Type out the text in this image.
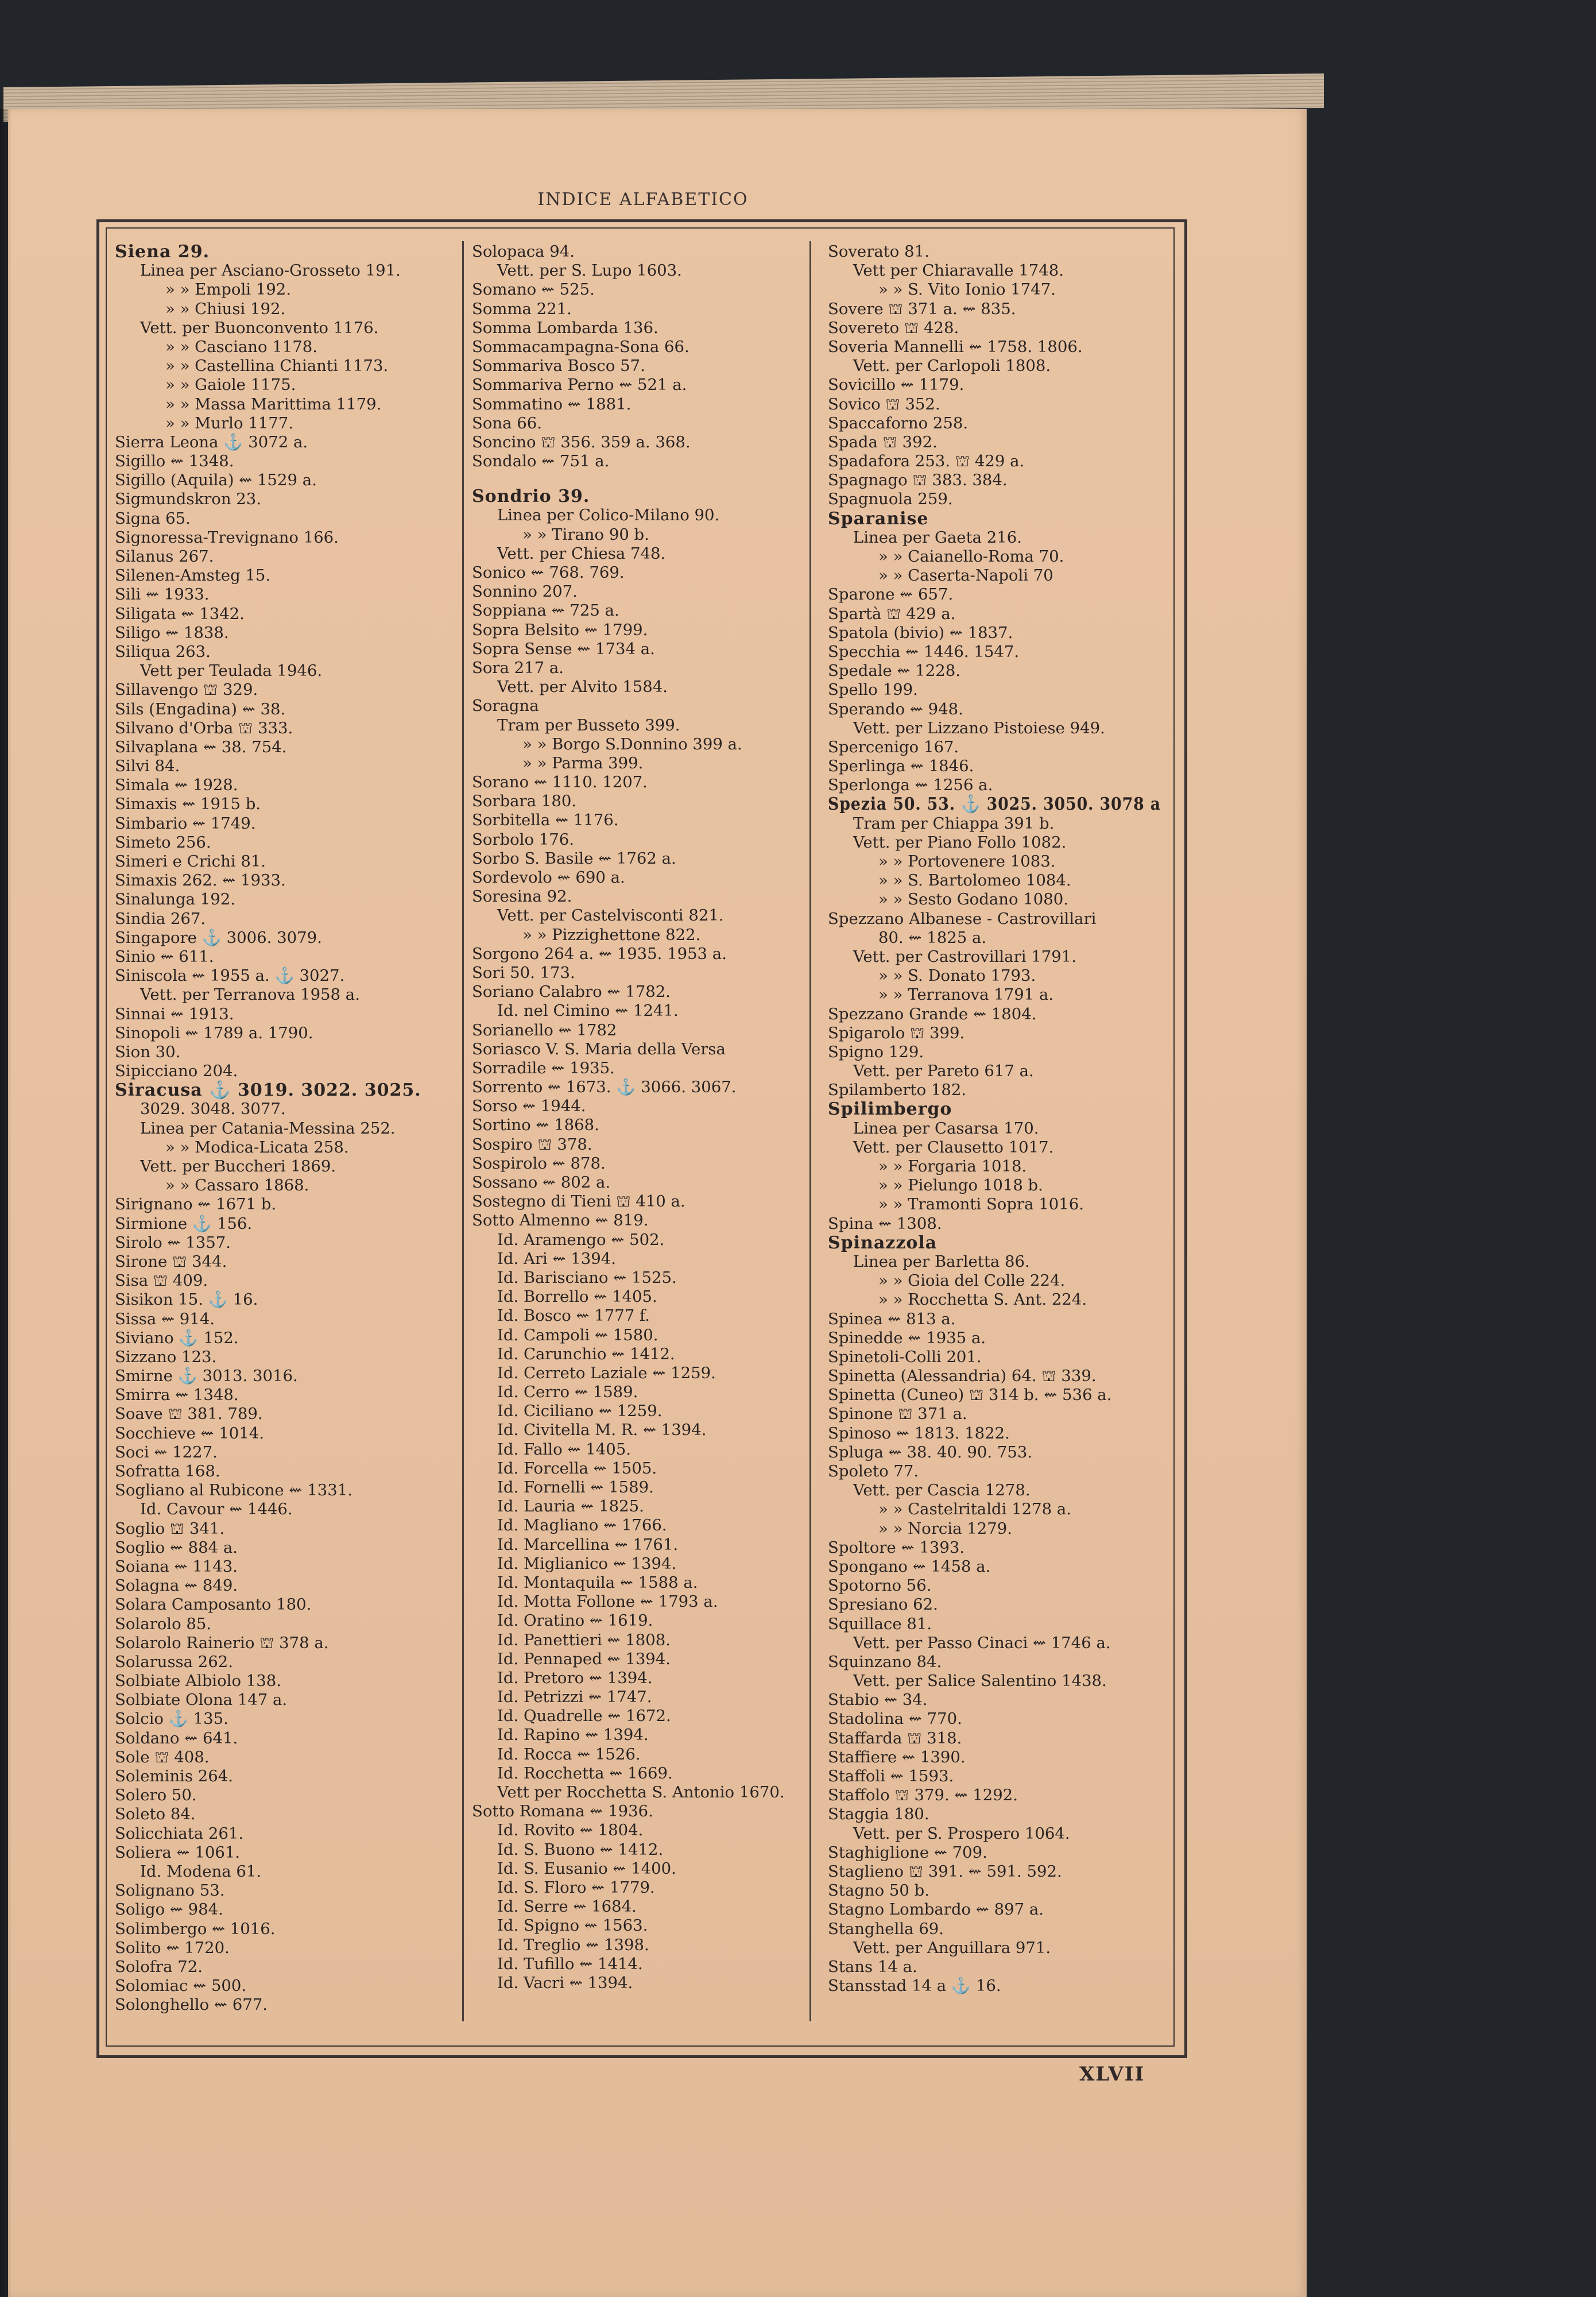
INDICE ALFABETICO
Siena 29.
Linea per Asciano-Grosseto 191.
» » Empoli 192.
» » Chiusi 192.
Vett. per Buonconvento 1176.
» » Casciano 1178.
» » Castellina Chianti 1173.
» » Gaiole 1175.
» » Massa Marittima 1179.
» » Murlo 1177.
Sierra Leona ⚓ 3072 a.
Sigillo ⇜ 1348.
Sigillo (Aquila) ⇜ 1529 a.
Sigmundskron 23.
Signa 65.
Signoressa-Trevignano 166.
Silanus 267.
Silenen-Amsteg 15.
Sili ⇜ 1933.
Siligata ⇜ 1342.
Siligo ⇜ 1838.
Siliqua 263.
Vett per Teulada 1946.
Sillavengo ⛫ 329.
Sils (Engadina) ⇜ 38.
Silvano d'Orba ⛫ 333.
Silvaplana ⇜ 38. 754.
Silvi 84.
Simala ⇜ 1928.
Simaxis ⇜ 1915 b.
Simbario ⇜ 1749.
Simeto 256.
Simeri e Crichi 81.
Simaxis 262. ⇜ 1933.
Sinalunga 192.
Sindia 267.
Singapore ⚓ 3006. 3079.
Sinio ⇜ 611.
Siniscola ⇜ 1955 a. ⚓ 3027.
Vett. per Terranova 1958 a.
Sinnai ⇜ 1913.
Sinopoli ⇜ 1789 a. 1790.
Sion 30.
Sipicciano 204.
Siracusa ⚓ 3019. 3022. 3025.
3029. 3048. 3077.
Linea per Catania-Messina 252.
» » Modica-Licata 258.
Vett. per Buccheri 1869.
» » Cassaro 1868.
Sirignano ⇜ 1671 b.
Sirmione ⚓ 156.
Sirolo ⇜ 1357.
Sirone ⛫ 344.
Sisa ⛫ 409.
Sisikon 15. ⚓ 16.
Sissa ⇜ 914.
Siviano ⚓ 152.
Sizzano 123.
Smirne ⚓ 3013. 3016.
Smirra ⇜ 1348.
Soave ⛫ 381. 789.
Socchieve ⇜ 1014.
Soci ⇜ 1227.
Sofratta 168.
Sogliano al Rubicone ⇜ 1331.
Id. Cavour ⇜ 1446.
Soglio ⛫ 341.
Soglio ⇜ 884 a.
Soiana ⇜ 1143.
Solagna ⇜ 849.
Solara Camposanto 180.
Solarolo 85.
Solarolo Rainerio ⛫ 378 a.
Solarussa 262.
Solbiate Albiolo 138.
Solbiate Olona 147 a.
Solcio ⚓ 135.
Soldano ⇜ 641.
Sole ⛫ 408.
Soleminis 264.
Solero 50.
Soleto 84.
Solicchiata 261.
Soliera ⇜ 1061.
Id. Modena 61.
Solignano 53.
Soligo ⇜ 984.
Solimbergo ⇜ 1016.
Solito ⇜ 1720.
Solofra 72.
Solomiac ⇜ 500.
Solonghello ⇜ 677.
Solopaca 94.
Vett. per S. Lupo 1603.
Somano ⇜ 525.
Somma 221.
Somma Lombarda 136.
Sommacampagna-Sona 66.
Sommariva Bosco 57.
Sommariva Perno ⇜ 521 a.
Sommatino ⇜ 1881.
Sona 66.
Soncino ⛫ 356. 359 a. 368.
Sondalo ⇜ 751 a.
Sondrio 39.
Linea per Colico-Milano 90.
» » Tirano 90 b.
Vett. per Chiesa 748.
Sonico ⇜ 768. 769.
Sonnino 207.
Soppiana ⇜ 725 a.
Sopra Belsito ⇜ 1799.
Sopra Sense ⇜ 1734 a.
Sora 217 a.
Vett. per Alvito 1584.
Soragna
Tram per Busseto 399.
» » Borgo S.Donnino 399 a.
» » Parma 399.
Sorano ⇜ 1110. 1207.
Sorbara 180.
Sorbitella ⇜ 1176.
Sorbolo 176.
Sorbo S. Basile ⇜ 1762 a.
Sordevolo ⇜ 690 a.
Soresina 92.
Vett. per Castelvisconti 821.
» » Pizzighettone 822.
Sorgono 264 a. ⇜ 1935. 1953 a.
Sori 50. 173.
Soriano Calabro ⇜ 1782.
Id. nel Cimino ⇜ 1241.
Sorianello ⇜ 1782
Soriasco V. S. Maria della Versa
Sorradile ⇜ 1935.
Sorrento ⇜ 1673. ⚓ 3066. 3067.
Sorso ⇜ 1944.
Sortino ⇜ 1868.
Sospiro ⛫ 378.
Sospirolo ⇜ 878.
Sossano ⇜ 802 a.
Sostegno di Tieni ⛫ 410 a.
Sotto Almenno ⇜ 819.
Id. Aramengo ⇜ 502.
Id. Ari ⇜ 1394.
Id. Barisciano ⇜ 1525.
Id. Borrello ⇜ 1405.
Id. Bosco ⇜ 1777 f.
Id. Campoli ⇜ 1580.
Id. Carunchio ⇜ 1412.
Id. Cerreto Laziale ⇜ 1259.
Id. Cerro ⇜ 1589.
Id. Ciciliano ⇜ 1259.
Id. Civitella M. R. ⇜ 1394.
Id. Fallo ⇜ 1405.
Id. Forcella ⇜ 1505.
Id. Fornelli ⇜ 1589.
Id. Lauria ⇜ 1825.
Id. Magliano ⇜ 1766.
Id. Marcellina ⇜ 1761.
Id. Miglianico ⇜ 1394.
Id. Montaquila ⇜ 1588 a.
Id. Motta Follone ⇜ 1793 a.
Id. Oratino ⇜ 1619.
Id. Panettieri ⇜ 1808.
Id. Pennaped ⇜ 1394.
Id. Pretoro ⇜ 1394.
Id. Petrizzi ⇜ 1747.
Id. Quadrelle ⇜ 1672.
Id. Rapino ⇜ 1394.
Id. Rocca ⇜ 1526.
Id. Rocchetta ⇜ 1669.
Vett per Rocchetta S. Antonio 1670.
Sotto Romana ⇜ 1936.
Id. Rovito ⇜ 1804.
Id. S. Buono ⇜ 1412.
Id. S. Eusanio ⇜ 1400.
Id. S. Floro ⇜ 1779.
Id. Serre ⇜ 1684.
Id. Spigno ⇜ 1563.
Id. Treglio ⇜ 1398.
Id. Tufillo ⇜ 1414.
Id. Vacri ⇜ 1394.
Soverato 81.
Vett per Chiaravalle 1748.
» » S. Vito Ionio 1747.
Sovere ⛫ 371 a. ⇜ 835.
Sovereto ⛫ 428.
Soveria Mannelli ⇜ 1758. 1806.
Vett. per Carlopoli 1808.
Sovicillo ⇜ 1179.
Sovico ⛫ 352.
Spaccaforno 258.
Spada ⛫ 392.
Spadafora 253. ⛫ 429 a.
Spagnago ⛫ 383. 384.
Spagnuola 259.
Sparanise
Linea per Gaeta 216.
» » Caianello-Roma 70.
» » Caserta-Napoli 70
Sparone ⇜ 657.
Spartà ⛫ 429 a.
Spatola (bivio) ⇜ 1837.
Specchia ⇜ 1446. 1547.
Spedale ⇜ 1228.
Spello 199.
Sperando ⇜ 948.
Vett. per Lizzano Pistoiese 949.
Spercenigo 167.
Sperlinga ⇜ 1846.
Sperlonga ⇜ 1256 a.
Spezia 50. 53. ⚓ 3025. 3050. 3078 a
Tram per Chiappa 391 b.
Vett. per Piano Follo 1082.
» » Portovenere 1083.
» » S. Bartolomeo 1084.
» » Sesto Godano 1080.
Spezzano Albanese - Castrovillari
80. ⇜ 1825 a.
Vett. per Castrovillari 1791.
» » S. Donato 1793.
» » Terranova 1791 a.
Spezzano Grande ⇜ 1804.
Spigarolo ⛫ 399.
Spigno 129.
Vett. per Pareto 617 a.
Spilamberto 182.
Spilimbergo
Linea per Casarsa 170.
Vett. per Clausetto 1017.
» » Forgaria 1018.
» » Pielungo 1018 b.
» » Tramonti Sopra 1016.
Spina ⇜ 1308.
Spinazzola
Linea per Barletta 86.
» » Gioia del Colle 224.
» » Rocchetta S. Ant. 224.
Spinea ⇜ 813 a.
Spinedde ⇜ 1935 a.
Spinetoli-Colli 201.
Spinetta (Alessandria) 64. ⛫ 339.
Spinetta (Cuneo) ⛫ 314 b. ⇜ 536 a.
Spinone ⛫ 371 a.
Spinoso ⇜ 1813. 1822.
Spluga ⇜ 38. 40. 90. 753.
Spoleto 77.
Vett. per Cascia 1278.
» » Castelritaldi 1278 a.
» » Norcia 1279.
Spoltore ⇜ 1393.
Spongano ⇜ 1458 a.
Spotorno 56.
Spresiano 62.
Squillace 81.
Vett. per Passo Cinaci ⇜ 1746 a.
Squinzano 84.
Vett. per Salice Salentino 1438.
Stabio ⇜ 34.
Stadolina ⇜ 770.
Staffarda ⛫ 318.
Staffiere ⇜ 1390.
Staffoli ⇜ 1593.
Staffolo ⛫ 379. ⇜ 1292.
Staggia 180.
Vett. per S. Prospero 1064.
Staghiglione ⇜ 709.
Staglieno ⛫ 391. ⇜ 591. 592.
Stagno 50 b.
Stagno Lombardo ⇜ 897 a.
Stanghella 69.
Vett. per Anguillara 971.
Stans 14 a.
Stansstad 14 a ⚓ 16.
XLVII
